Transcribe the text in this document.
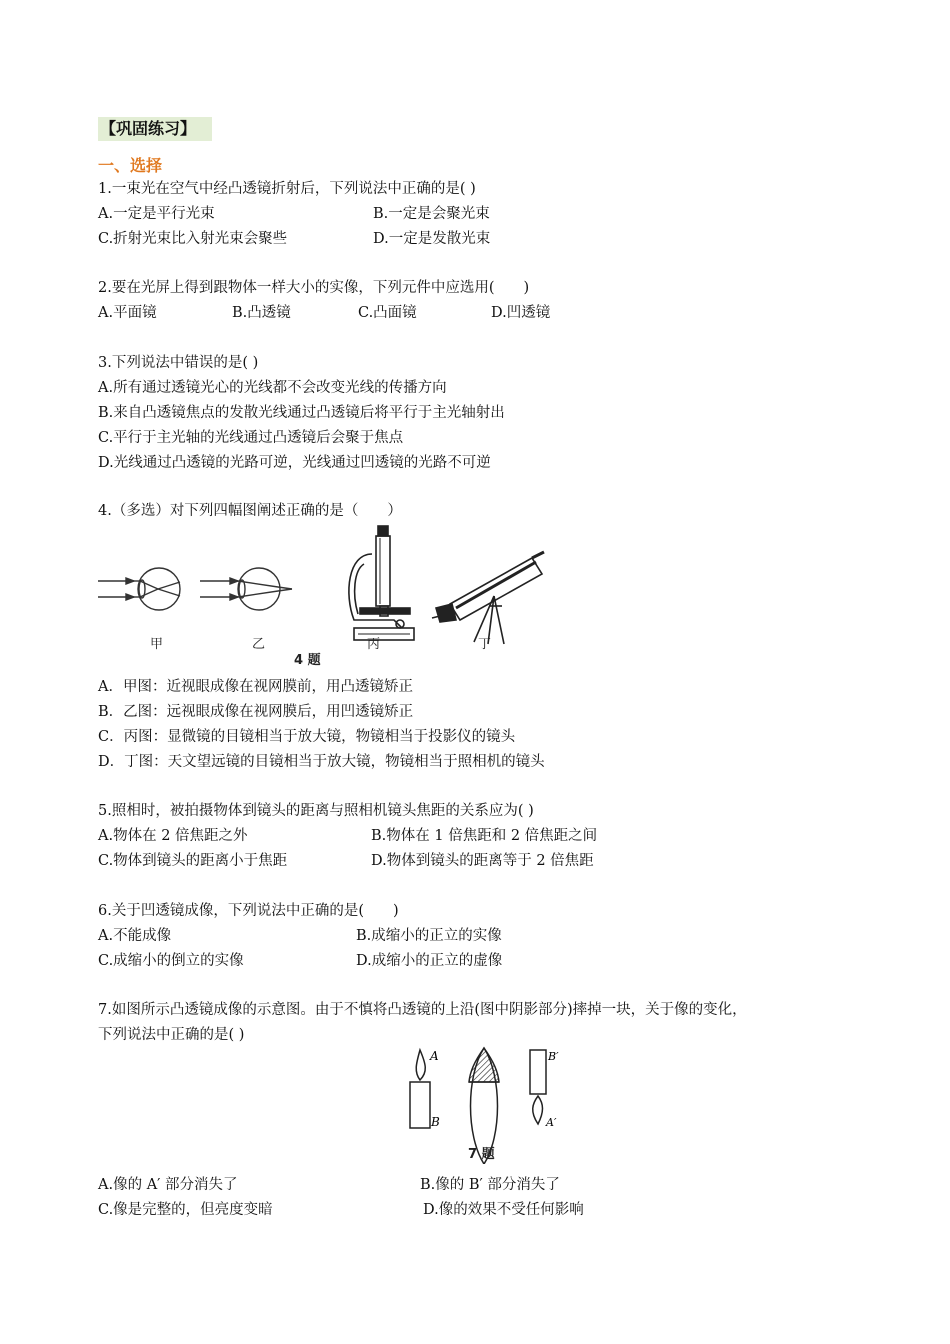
【巩固练习】
一、选择
1.一束光在空气中经凸透镜折射后，下列说法中正确的是( )
A.一定是平行光束	B.一定是会聚光束
C.折射光束比入射光束会聚些	D.一定是发散光束
2.要在光屏上得到跟物体一样大小的实像，下列元件中应选用(　　)
A.平面镜	B.凸透镜	C.凸面镜	D.凹透镜
3.下列说法中错误的是( )
A.所有通过透镜光心的光线都不会改变光线的传播方向
B.来自凸透镜焦点的发散光线通过凸透镜后将平行于主光轴射出
C.平行于主光轴的光线通过凸透镜后会聚于焦点
D.光线通过凸透镜的光路可逆，光线通过凹透镜的光路不可逆
4.（多选）对下列四幅图阐述正确的是（　　）
甲	乙	丙	丁
4 题
A．甲图：近视眼成像在视网膜前，用凸透镜矫正
B．乙图：远视眼成像在视网膜后，用凹透镜矫正
C．丙图：显微镜的目镜相当于放大镜，物镜相当于投影仪的镜头
D．丁图：天文望远镜的目镜相当于放大镜，物镜相当于照相机的镜头
5.照相时，被拍摄物体到镜头的距离与照相机镜头焦距的关系应为( )
A.物体在 2 倍焦距之外	B.物体在 1 倍焦距和 2 倍焦距之间
C.物体到镜头的距离小于焦距	D.物体到镜头的距离等于 2 倍焦距
6.关于凹透镜成像，下列说法中正确的是(　　)
A.不能成像	B.成缩小的正立的实像
C.成缩小的倒立的实像	D.成缩小的正立的虚像
7.如图所示凸透镜成像的示意图。由于不慎将凸透镜的上沿(图中阴影部分)摔掉一块，关于像的变化，
下列说法中正确的是( )
A
B
B′
A′
7 题
A.像的 A′ 部分消失了	B.像的 B′ 部分消失了
C.像是完整的，但亮度变暗	D.像的效果不受任何影响
